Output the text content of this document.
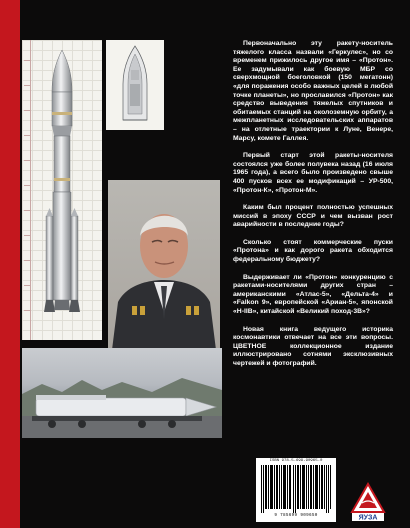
Первоначально эту ракету-носитель тяжелого класса назвали «Геркулес», но со временем прижилось другое имя – «Протон». Ее задумывали как боевую МБР со сверхмощной боеголовкой (150 мегатонн) «для поражения особо важных целей в любой точке планеты», но прославился «Протон» как средство выведения тяжелых спутников и обитаемых станций на околоземную орбиту, а межпланетных исследовательских аппаратов – на отлетные траектории к Луне, Венере, Марсу, комете Галлея.

Первый старт этой ракеты-носителя состоялся уже более полувека назад (16 июля 1965 года), а всего было произведено свыше 400 пусков всех ее модификаций – УР-500, «Протон-К», «Протон-М».

Каким был процент полностью успешных миссий в эпоху СССР и чем вызван рост аварийности в последние годы?

Сколько стоят коммерческие пуски «Протона» и как дорого ракета обходится федеральному бюджету?

Выдерживает ли «Протон» конкуренцию с ракетами-носителями других стран – американскими «Атлас-5», «Дельта-4» и «Falkon 9», европейской «Ариан-5», японской «H-IIB», китайской «Великий поход-3В»?

Новая книга ведущего историка космонавтики отвечает на все эти вопросы. ЦВЕТНОЕ коллекционное издание иллюстрировано сотнями эксклюзивных чертежей и фотографий.

ISBN 978-5-699-90965-0
9 785699 909650	ЯУЗА
